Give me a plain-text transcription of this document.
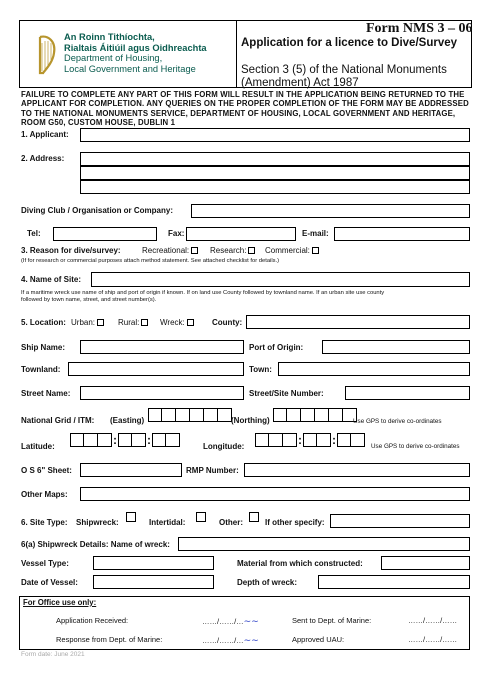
An Roinn Tithíochta,
Rialtais Áitiúil agus Oidhreachta
Department of Housing,
Local Government and Heritage
Form NMS 3 – 06
Application for a licence to Dive/Survey
Section 3 (5) of the National Monuments (Amendment) Act 1987
FAILURE TO COMPLETE ANY PART OF THIS FORM WILL RESULT IN THE APPLICATION BEING RETURNED TO THE APPLICANT FOR COMPLETION. ANY QUERIES ON THE PROPER COMPLETION OF THE FORM MAY BE ADDRESSED TO THE NATIONAL MONUMENTS SERVICE, DEPARTMENT OF HOUSING, LOCAL GOVERNMENT AND HERITAGE, ROOM G50, CUSTOM HOUSE, DUBLIN 1
1. Applicant:
2. Address:
Diving Club / Organisation or Company:
Tel:	Fax:	E-mail:
3. Reason for dive/survey:	Recreational:	Research:	Commercial:
(If for research or commercial purposes attach method statement. See attached checklist for details.)
4. Name of Site:
If a maritime wreck use name of ship and port of origin if known. If on land use County followed by townland name. If an urban site use county
followed by town name, street, and street number(s).
5. Location: Urban:	Rural:	Wreck:	County:
Ship Name:	Port of Origin:
Townland:	Town:
Street Name:	Street/Site Number:
National Grid / ITM: (Easting)	(Northing)	Use GPS to derive co-ordinates
Latitude:	:	:	Longitude:	:	:	Use GPS to derive co-ordinates
O S 6" Sheet:	RMP Number:
Other Maps:
6. Site Type: Shipwreck:	Intertidal:	Other:	If other specify:
6(a) Shipwreck Details: Name of wreck:
Vessel Type:	Material from which constructed:
Date of Vessel:	Depth of wreck:
For Office use only:
Application Received:	……/……/…∼∼	Sent to Dept. of Marine:	……/……/……
Response from Dept. of Marine:	……/……/…∼∼	Approved UAU:	……/……/……
Form date: June 2021
